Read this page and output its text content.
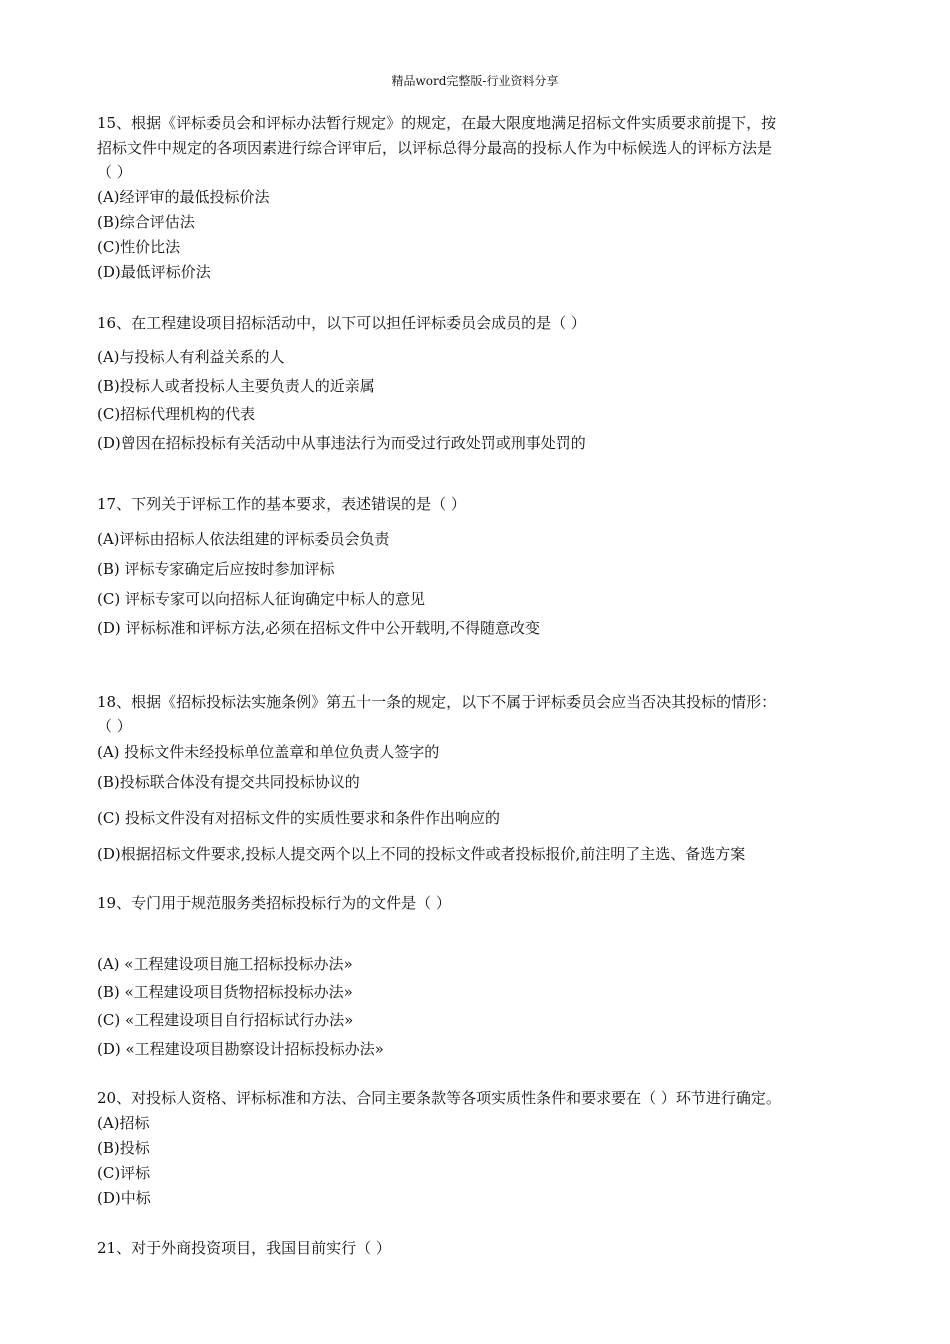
精品word完整版-行业资料分享
15、根据《评标委员会和评标办法暂行规定》的规定，在最大限度地满足招标文件实质要求前提下，按
招标文件中规定的各项因素进行综合评审后，以评标总得分最高的投标人作为中标候选人的评标方法是
（ ）
(A)经评审的最低投标价法
(B)综合评估法
(C)性价比法
(D)最低评标价法
16、在工程建设项目招标活动中，以下可以担任评标委员会成员的是（ ）
(A)与投标人有利益关系的人
(B)投标人或者投标人主要负责人的近亲属
(C)招标代理机构的代表
(D)曾因在招标投标有关活动中从事违法行为而受过行政处罚或刑事处罚的
17、下列关于评标工作的基本要求，表述错误的是（ ）
(A)评标由招标人依法组建的评标委员会负责
(B) 评标专家确定后应按时参加评标
(C) 评标专家可以向招标人征询确定中标人的意见
(D) 评标标准和评标方法,必须在招标文件中公开载明,不得随意改变
18、根据《招标投标法实施条例》第五十一条的规定，以下不属于评标委员会应当否决其投标的情形：
（ ）
(A) 投标文件未经投标单位盖章和单位负责人签字的
(B)投标联合体没有提交共同投标协议的
(C) 投标文件没有对招标文件的实质性要求和条件作出响应的
(D)根据招标文件要求,投标人提交两个以上不同的投标文件或者投标报价,前注明了主选、备选方案
19、专门用于规范服务类招标投标行为的文件是（ ）
(A) «工程建设项目施工招标投标办法»
(B) «工程建设项目货物招标投标办法»
(C) «工程建设项目自行招标试行办法»
(D) «工程建设项目勘察设计招标投标办法»
20、对投标人资格、评标标准和方法、合同主要条款等各项实质性条件和要求要在（ ）环节进行确定。
(A)招标
(B)投标
(C)评标
(D)中标
21、对于外商投资项目，我国目前实行（ ）
